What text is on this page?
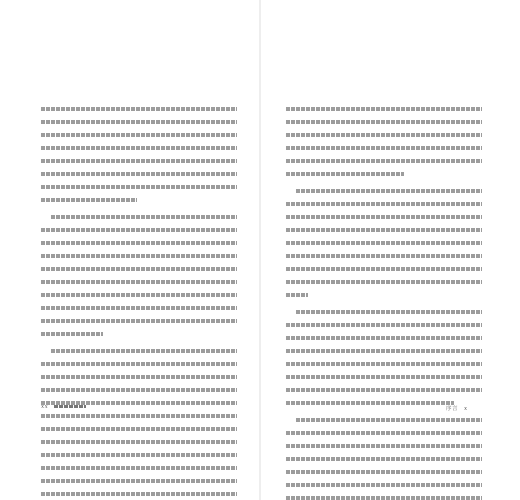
xx	序言 x
